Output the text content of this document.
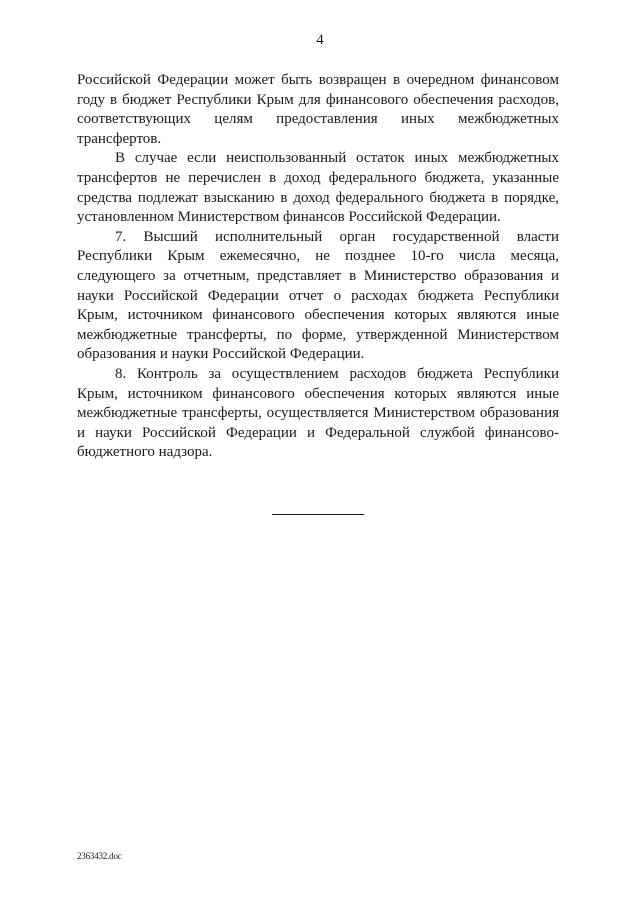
4

Российской Федерации может быть возвращен в очередном финансовом году в бюджет Республики Крым для финансового обеспечения расходов, соответствующих целям предоставления иных межбюджетных трансфертов.

В случае если неиспользованный остаток иных межбюджетных трансфертов не перечислен в доход федерального бюджета, указанные средства подлежат взысканию в доход федерального бюджета в порядке, установленном Министерством финансов Российской Федерации.

7. Высший исполнительный орган государственной власти Республики Крым ежемесячно, не позднее 10-го числа месяца, следующего за отчетным, представляет в Министерство образования и науки Российской Федерации отчет о расходах бюджета Республики Крым, источником финансового обеспечения которых являются иные межбюджетные трансферты, по форме, утвержденной Министерством образования и науки Российской Федерации.

8. Контроль за осуществлением расходов бюджета Республики Крым, источником финансового обеспечения которых являются иные межбюджетные трансферты, осуществляется Министерством образования и науки Российской Федерации и Федеральной службой финансово-бюджетного надзора.

2363432.doc
